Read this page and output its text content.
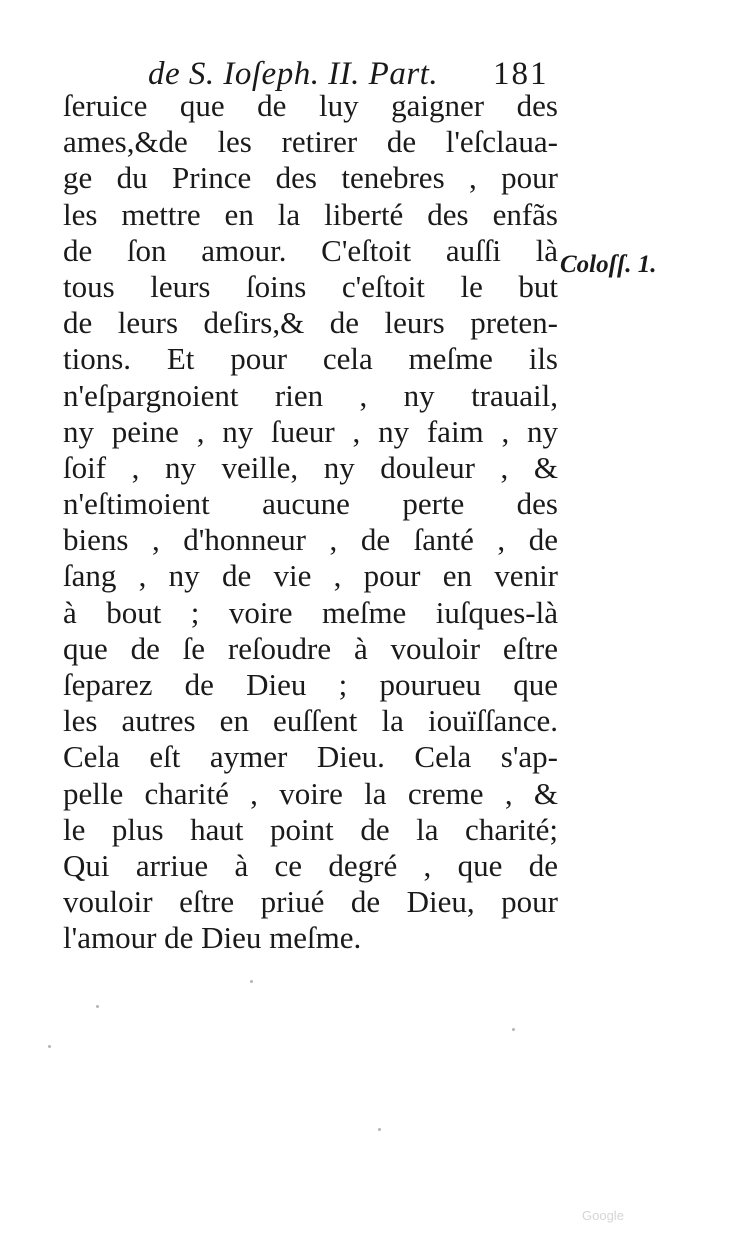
de S. Ioſeph. II. Part. 181
ſeruice que de luy gaigner des
ames,&de les retirer de l'eſclaua-
ge du Prince des tenebres , pour
les mettre en la liberté des enfãs
de ſon amour. C'eſtoit auſſi là
tous leurs ſoins c'eſtoit le but
de leurs deſirs,& de leurs preten-
tions. Et pour cela meſme ils
n'eſpargnoient rien , ny trauail,
ny peine , ny ſueur , ny faim , ny
ſoif , ny veille, ny douleur , &
n'eſtimoient aucune perte des
biens , d'honneur , de ſanté , de
ſang , ny de vie , pour en venir
à bout ; voire meſme iuſques-là
que de ſe reſoudre à vouloir eſtre
ſeparez de Dieu ; pourueu que
les autres en euſſent la iouïſſance.
Cela eſt aymer Dieu. Cela s'ap-
pelle charité , voire la creme , &
le plus haut point de la charité;
Qui arriue à ce degré , que de
vouloir eſtre priué de Dieu, pour
l'amour de Dieu meſme.
Coloſſ. 1.
Google
